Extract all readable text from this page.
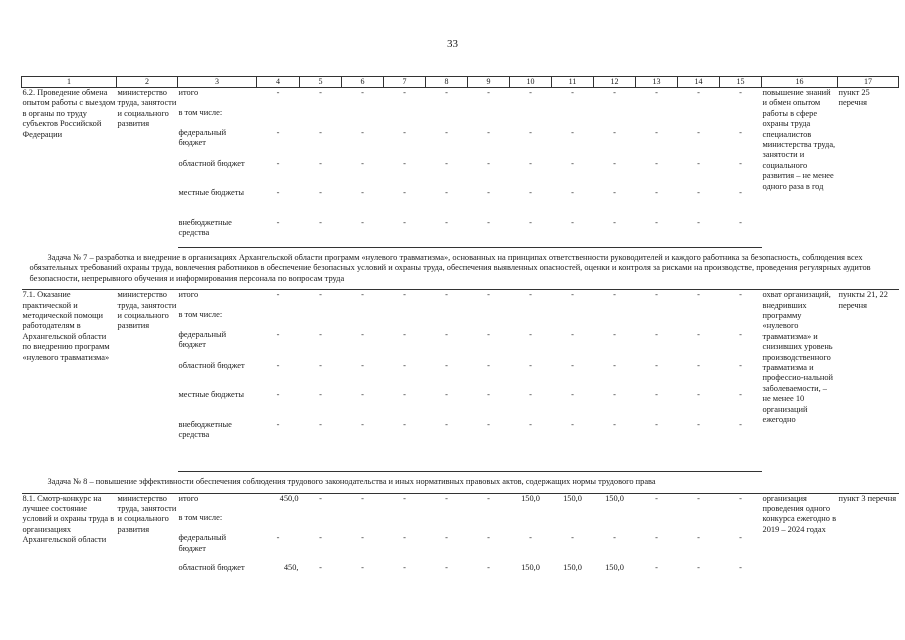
33
1	2	3	4	5	6	7	8	9	10	11	12	13	14	15	16	17
6.2. Проведение обмена опытом работы с выездом в органы по труду субъектов Российской Федерации	министерство труда, занятости и социального развития	итого	-	-	-	-	-	-	-	-	-	-	-	-	повышение знаний и обмен опытом работы в сфере охраны труда специалистов министерства труда, занятости и социального развития – не менее одного раза в год	пункт 25 перечня
		в том числе:														
		федеральный бюджет	-	-	-	-	-	-	-	-	-	-	-	-		
		областной бюджет	-	-	-	-	-	-	-	-	-	-	-	-		
		местные бюджеты	-	-	-	-	-	-	-	-	-	-	-	-		
		внебюджетные средства	-	-	-	-	-	-	-	-	-	-	-	-		
Задача № 7 – разработка и внедрение в организациях Архангельской области программ «нулевого травматизма», основанных на принципах ответственности руководителей и каждого работника за безопасность, соблюдения всех обязательных требований охраны труда, вовлечения работников в обеспечение безопасных условий и охраны труда, обеспечения выявленных опасностей, оценки и контроля за рисками на производстве, проведения регулярных аудитов безопасности, непрерывного обучения и информирования персонала по вопросам труда																
7.1. Оказание практической и методической помощи работодателям в Архангельской области по внедрению программ «нулевого травматизма»	министерство труда, занятости и социального развития	итого	-	-	-	-	-	-	-	-	-	-	-	-	охват организаций, внедривших программу «нулевого травматизма» и снизивших уровень производственного травматизма и профессио-нальной заболеваемости, – не менее 10 организаций ежегодно	пункты 21, 22 перечня
		в том числе:														
		федеральный бюджет	-	-	-	-	-	-	-	-	-	-	-	-		
		областной бюджет	-	-	-	-	-	-	-	-	-	-	-	-		
		местные бюджеты	-	-	-	-	-	-	-	-	-	-	-	-		
		внебюджетные средства	-	-	-	-	-	-	-	-	-	-	-	-		
Задача № 8 – повышение эффективности обеспечения соблюдения трудового законодательства и иных нормативных правовых актов, содержащих нормы трудового права																
8.1. Смотр-конкурс на лучшее состояние условий и охраны труда в организациях Архангельской области	министерство труда, занятости и социального развития	итого	450,0	-	-	-	-	-	150,0	150,0	150,0	-	-	-	организация проведения одного конкурса ежегодно в 2019 – 2024 годах	пункт 3 перечня
		в том числе:														
		федеральный бюджет	-	-	-	-	-	-	-	-	-	-	-	-		
		областной бюджет	450,	-	-	-	-	-	150,0	150,0	150,0	-	-	-		
